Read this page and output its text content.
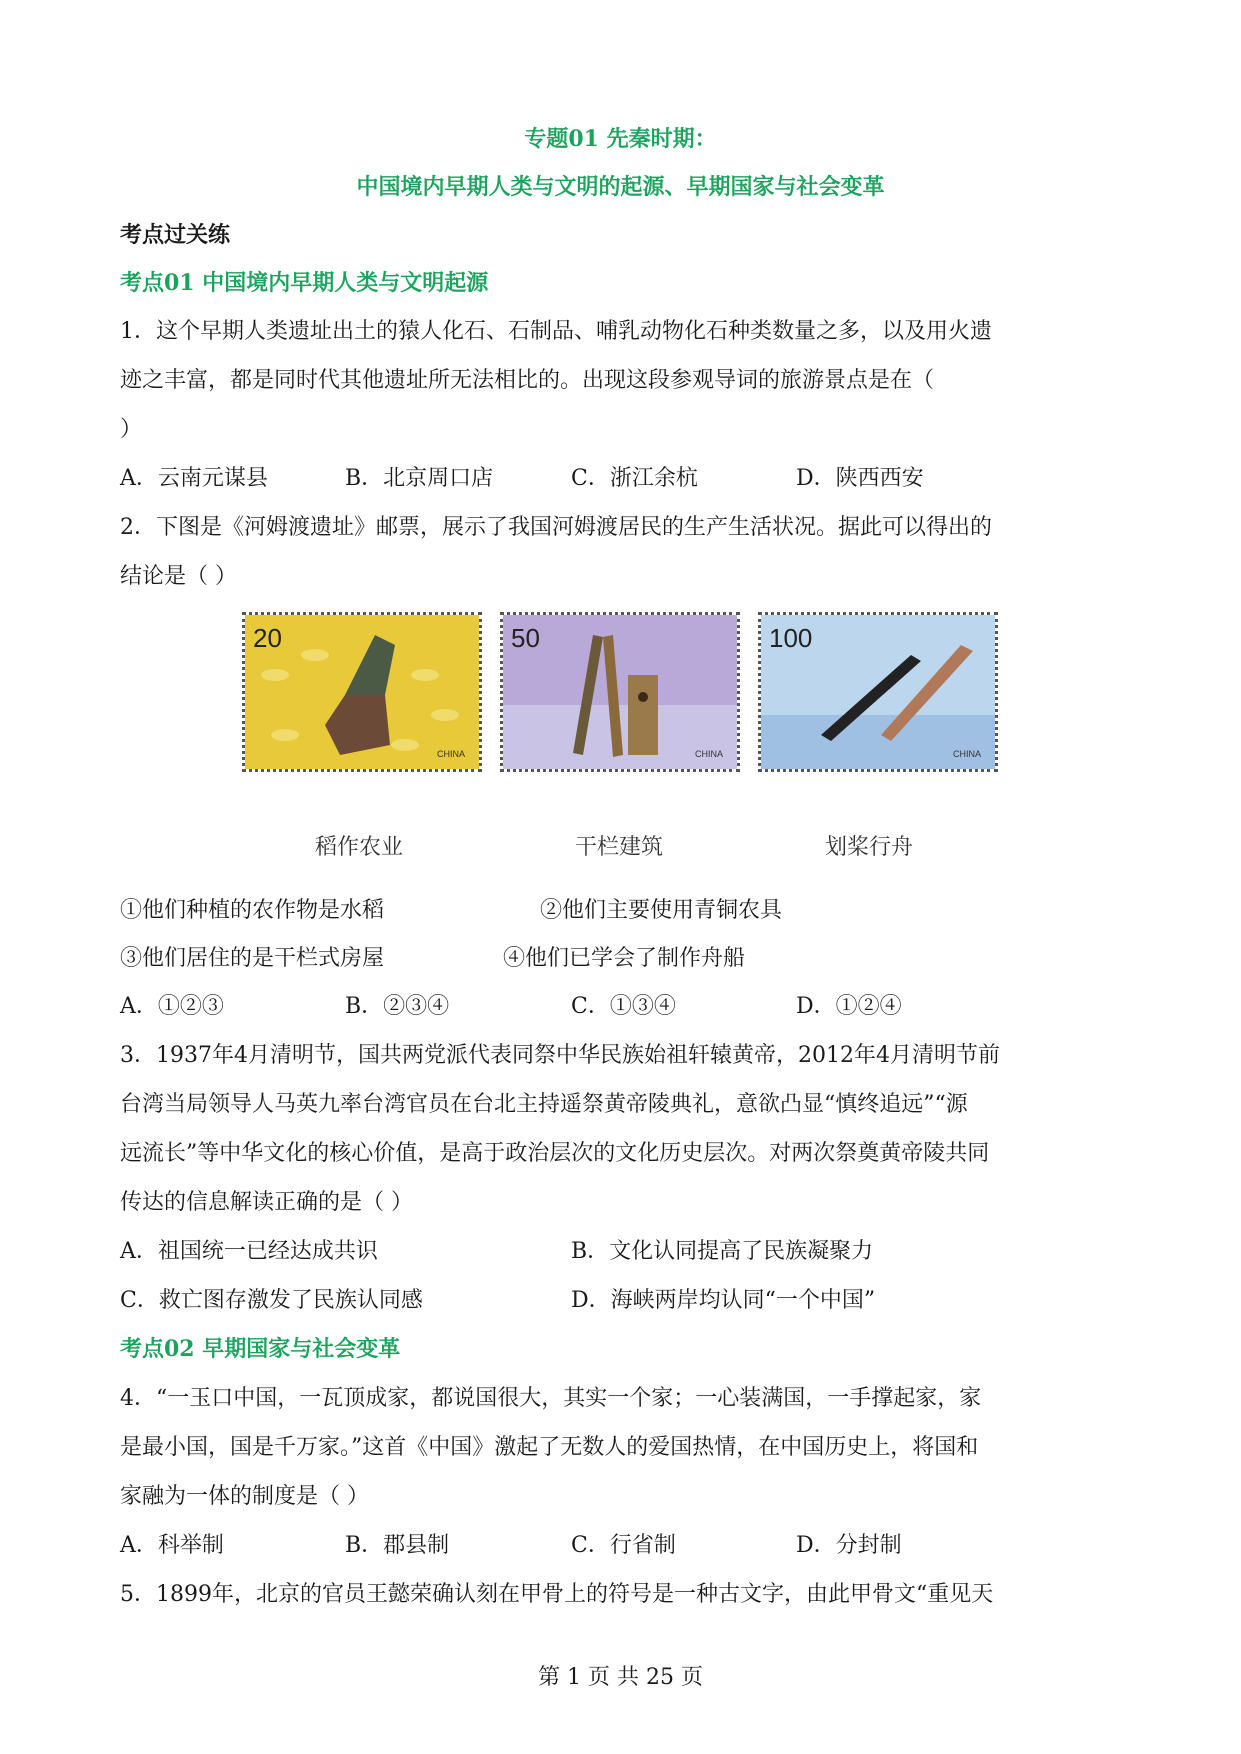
专题01 先秦时期：
中国境内早期人类与文明的起源、早期国家与社会变革
考点过关练
考点01 中国境内早期人类与文明起源
1．这个早期人类遗址出土的猿人化石、石制品、哺乳动物化石种类数量之多，以及用火遗
迹之丰富，都是同时代其他遗址所无法相比的。出现这段参观导词的旅游景点是在（
）
A．云南元谋县	B．北京周口店	C．浙江余杭	D．陕西西安
2．下图是《河姆渡遗址》邮票，展示了我国河姆渡居民的生产生活状况。据此可以得出的
结论是（ ）
20
CHINA
50
CHINA
100
CHINA
稻作农业	干栏建筑	划桨行舟
①他们种植的农作物是水稻	②他们主要使用青铜农具
③他们居住的是干栏式房屋	④他们已学会了制作舟船
A．①②③	B．②③④	C．①③④	D．①②④
3．1937年4月清明节，国共两党派代表同祭中华民族始祖轩辕黄帝，2012年4月清明节前
台湾当局领导人马英九率台湾官员在台北主持遥祭黄帝陵典礼，意欲凸显“慎终追远”“源
远流长”等中华文化的核心价值，是高于政治层次的文化历史层次。对两次祭奠黄帝陵共同
传达的信息解读正确的是（ ）
A．祖国统一已经达成共识	B．文化认同提高了民族凝聚力
C．救亡图存激发了民族认同感	D．海峡两岸均认同“一个中国”
考点02 早期国家与社会变革
4．“一玉口中国，一瓦顶成家，都说国很大，其实一个家；一心装满国，一手撑起家，家
是最小国，国是千万家。”这首《中国》激起了无数人的爱国热情，在中国历史上，将国和
家融为一体的制度是（ ）
A．科举制	B．郡县制	C．行省制	D．分封制
5．1899年，北京的官员王懿荣确认刻在甲骨上的符号是一种古文字，由此甲骨文“重见天
第 1 页 共 25 页
